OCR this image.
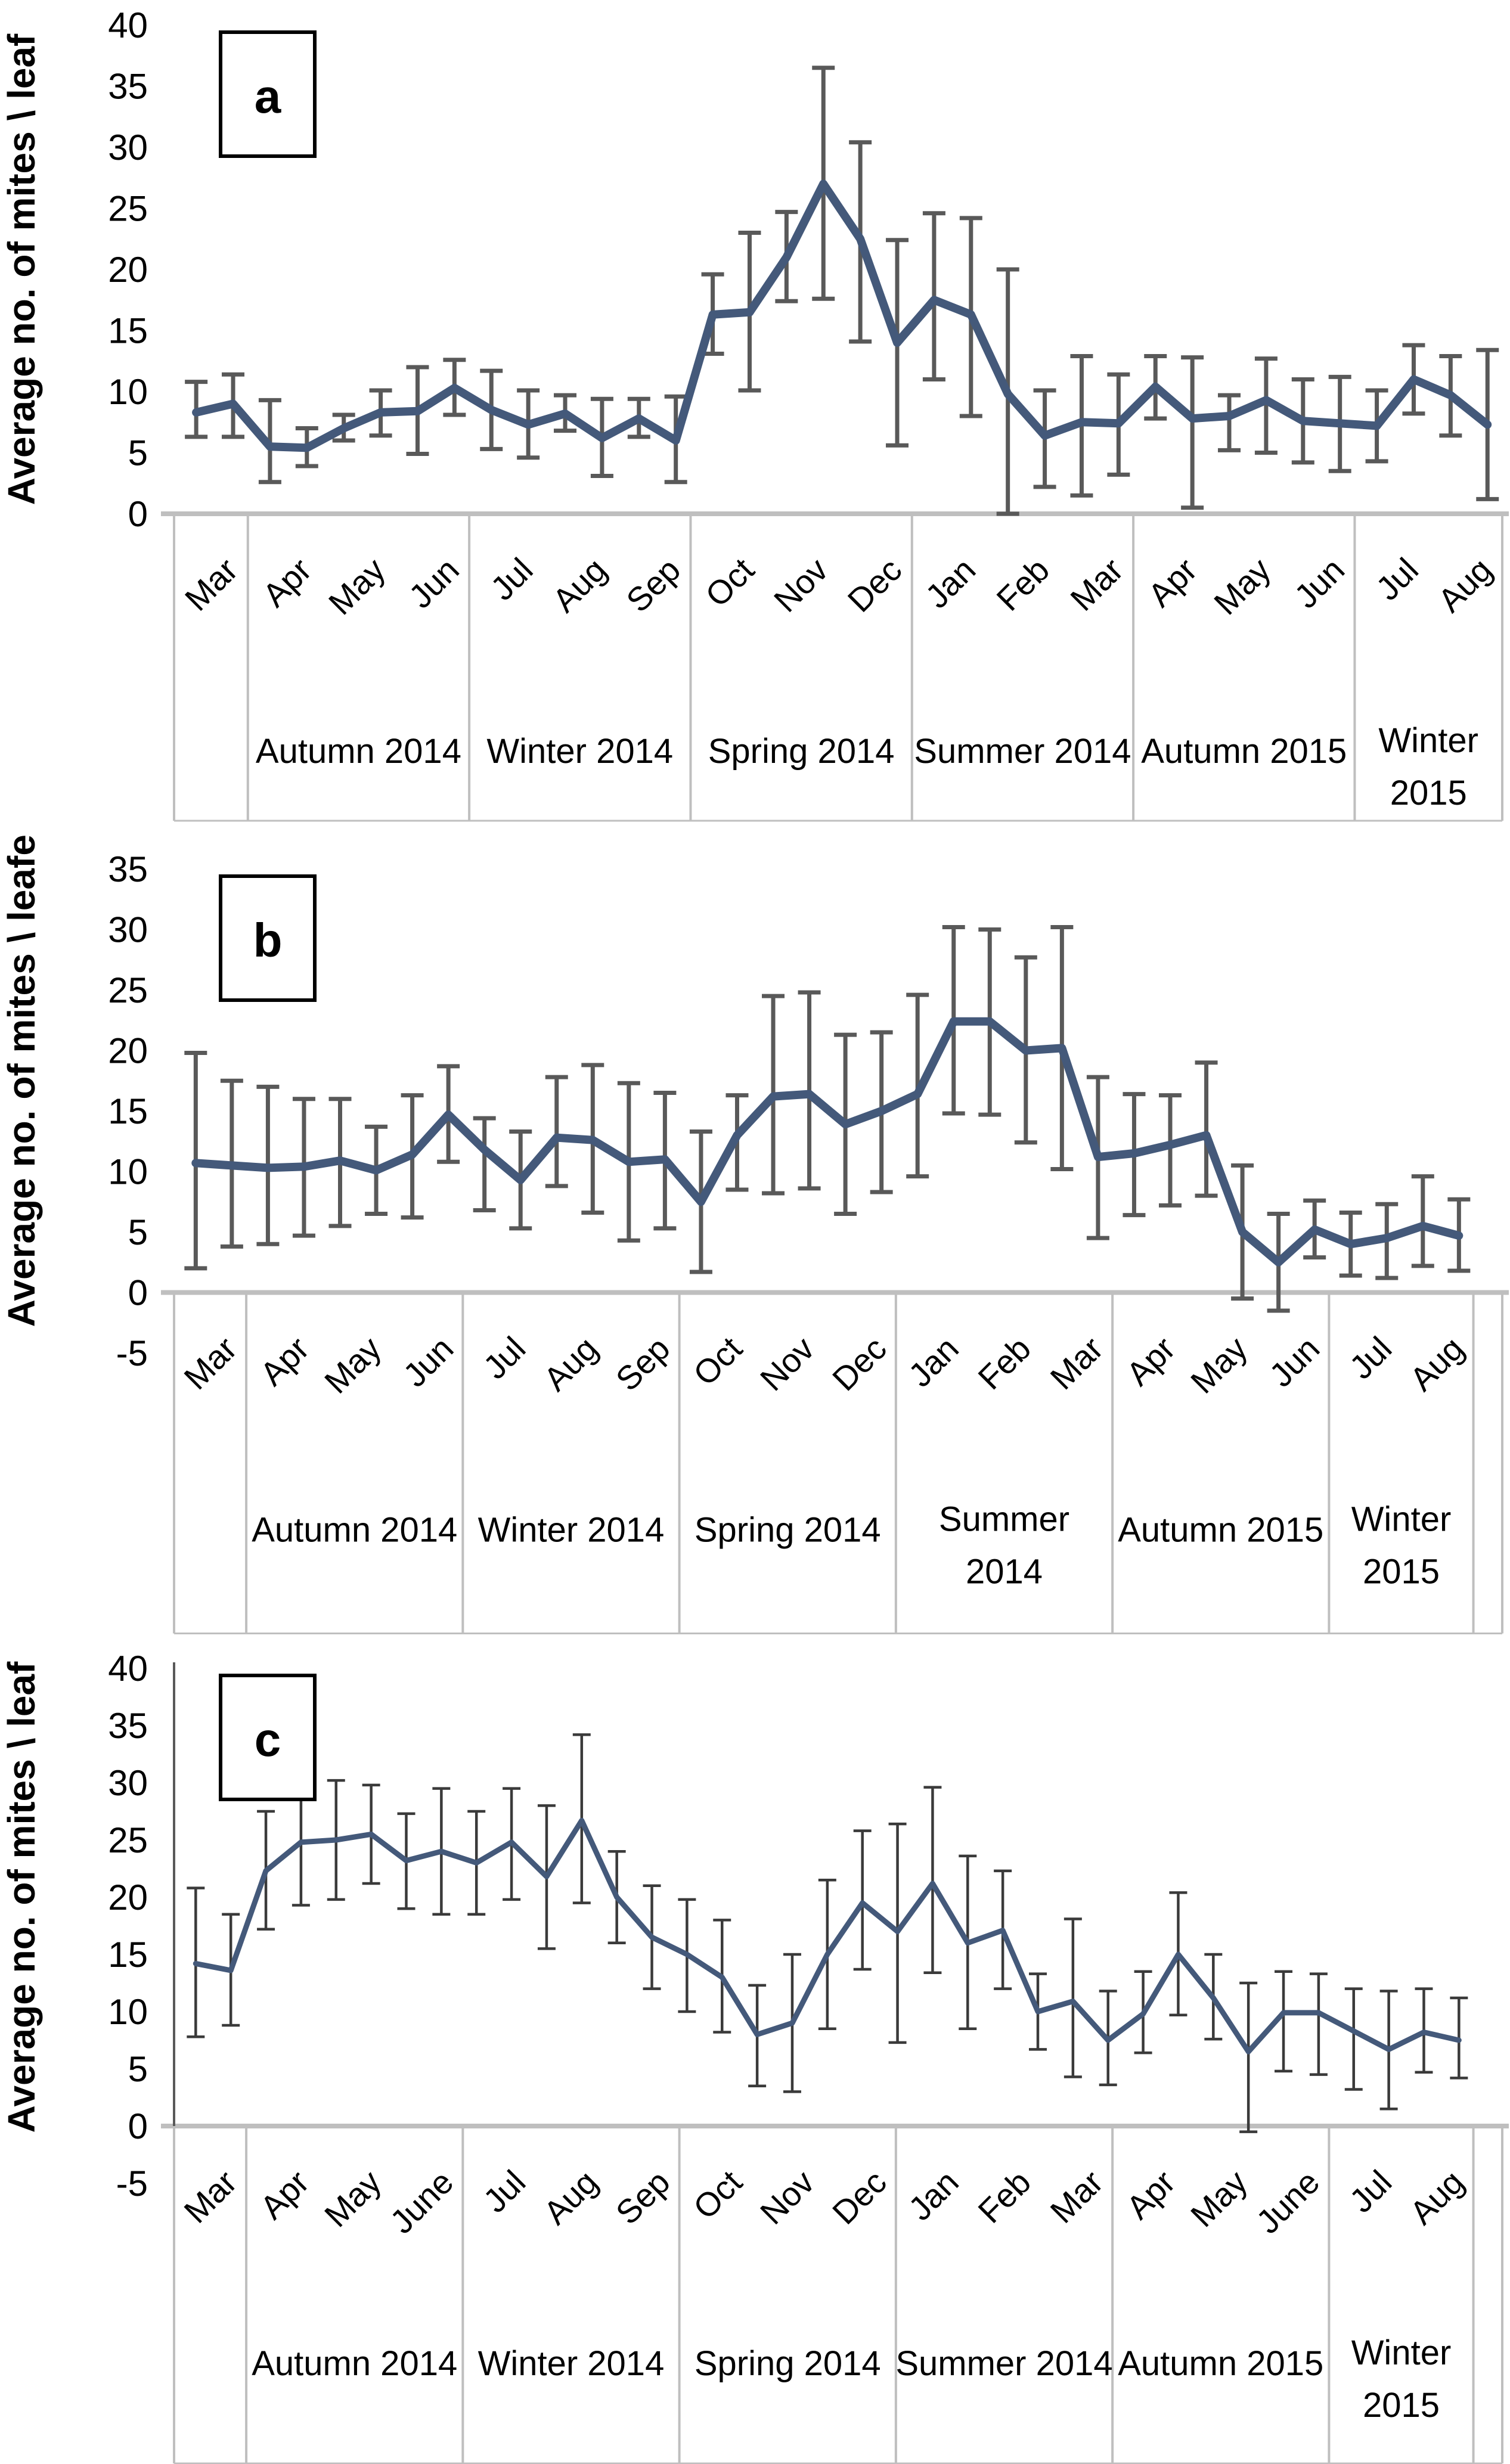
40
35
30
25
20
15
10
5
0
Average no. of mites \ leaf
Mar Apr May Jun Jul Aug Sep Oct Nov Dec Jan Feb Mar Apr May Jun Jul Aug
Autumn 2014 Winter 2014 Spring 2014 Summer 2014 Autumn 2015 Winter
2015
a
35
30
25
20
15
10
5
0
-5
Average no. of mites \ leafe
Mar Apr May Jun Jul Aug Sep Oct Nov Dec Jan Feb Mar Apr May Jun Jul Aug
Autumn 2014 Winter 2014 Spring 2014 Summer
2014
Autumn 2015 Winter
2015
b
40
35
30
25
20
15
10
5
0
-5
Average no. of mites \ leaf
Mar Apr May
June Jul Aug Sep Oct Nov Dec Jan Feb Mar Apr May
June Jul Aug
Autumn 2014 Winter 2014 Spring 2014 Summer 2014 Autumn 2015 Winter
2015
c
